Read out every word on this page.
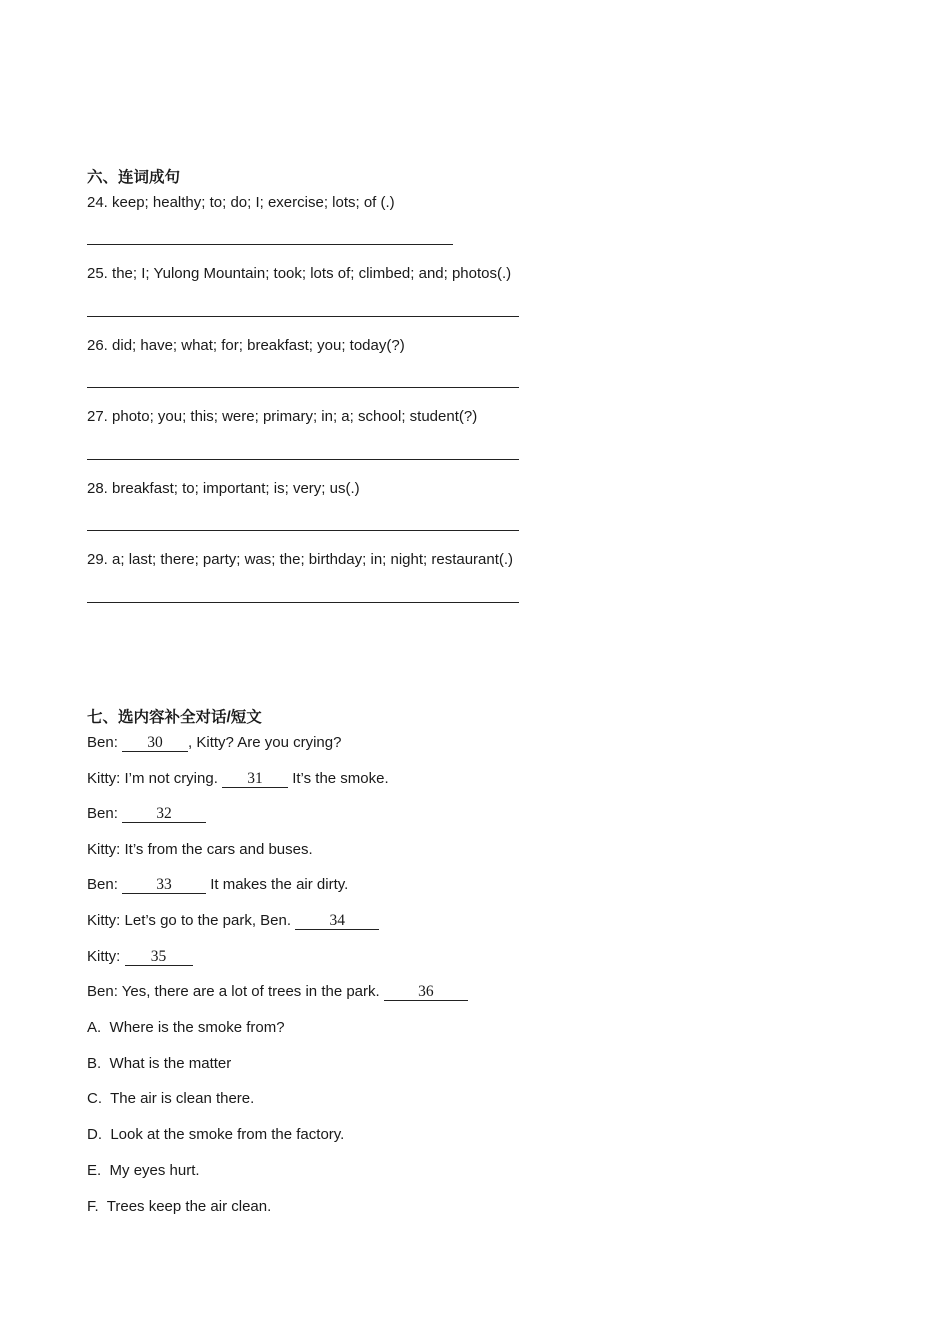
六、连词成句
24. keep; healthy; to; do; I; exercise; lots; of (.)
25. the; I; Yulong Mountain; took; lots of; climbed; and; photos(.)
26. did; have; what; for; breakfast; you; today(?)
27. photo; you; this; were; primary; in; a; school; student(?)
28. breakfast; to; important; is; very; us(.)
29. a; last; there; party; was; the; birthday; in; night; restaurant(.)
七、选内容补全对话/短文
Ben: 30 , Kitty? Are you crying?
Kitty: I’m not crying. 31 It’s the smoke.
Ben: 32
Kitty: It’s from the cars and buses.
Ben: 33 It makes the air dirty.
Kitty: Let’s go to the park, Ben. 34
Kitty: 35
Ben: Yes, there are a lot of trees in the park. 36
A. Where is the smoke from?
B. What is the matter
C. The air is clean there.
D. Look at the smoke from the factory.
E. My eyes hurt.
F. Trees keep the air clean.
